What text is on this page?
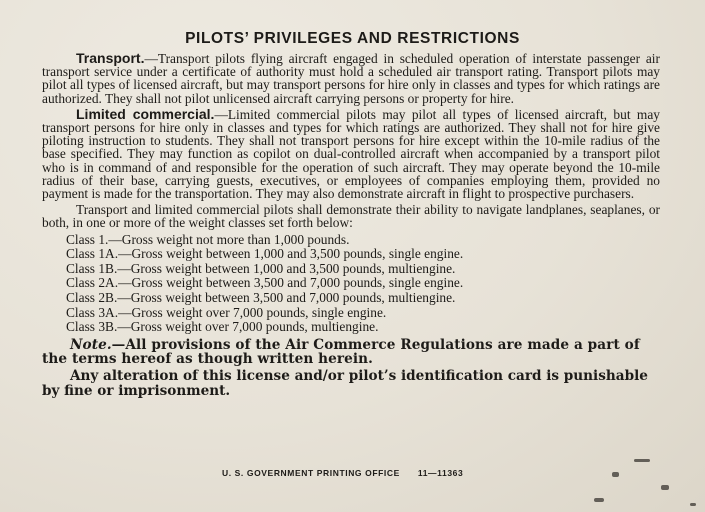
PILOTS’ PRIVILEGES AND RESTRICTIONS

Transport.—Transport pilots flying aircraft engaged in scheduled operation of interstate passenger air transport service under a certificate of authority must hold a scheduled air transport rating. Transport pilots may pilot all types of licensed aircraft, but may transport persons for hire only in classes and types for which ratings are authorized. They shall not pilot unlicensed aircraft carrying persons or property for hire.

Limited commercial.—Limited commercial pilots may pilot all types of licensed aircraft, but may transport persons for hire only in classes and types for which ratings are authorized. They shall not for hire give piloting instruction to students. They shall not transport persons for hire except within the 10-mile radius of the base specified. They may function as copilot on dual-controlled aircraft when accompanied by a transport pilot who is in command of and responsible for the operation of such aircraft. They may operate beyond the 10-mile radius of their base, carrying guests, executives, or employees of companies employing them, provided no payment is made for the transportation. They may also demonstrate aircraft in flight to prospective purchasers.

Transport and limited commercial pilots shall demonstrate their ability to navigate landplanes, seaplanes, or both, in one or more of the weight classes set forth below:

Class 1.—Gross weight not more than 1,000 pounds.
Class 1A.—Gross weight between 1,000 and 3,500 pounds, single engine.
Class 1B.—Gross weight between 1,000 and 3,500 pounds, multiengine.
Class 2A.—Gross weight between 3,500 and 7,000 pounds, single engine.
Class 2B.—Gross weight between 3,500 and 7,000 pounds, multiengine.
Class 3A.—Gross weight over 7,000 pounds, single engine.
Class 3B.—Gross weight over 7,000 pounds, multiengine.

Note.—All provisions of the Air Commerce Regulations are made a part of the terms hereof as though written herein.

Any alteration of this license and/or pilot’s identification card is punishable by fine or imprisonment.

U. S. GOVERNMENT PRINTING OFFICE 11—11363
